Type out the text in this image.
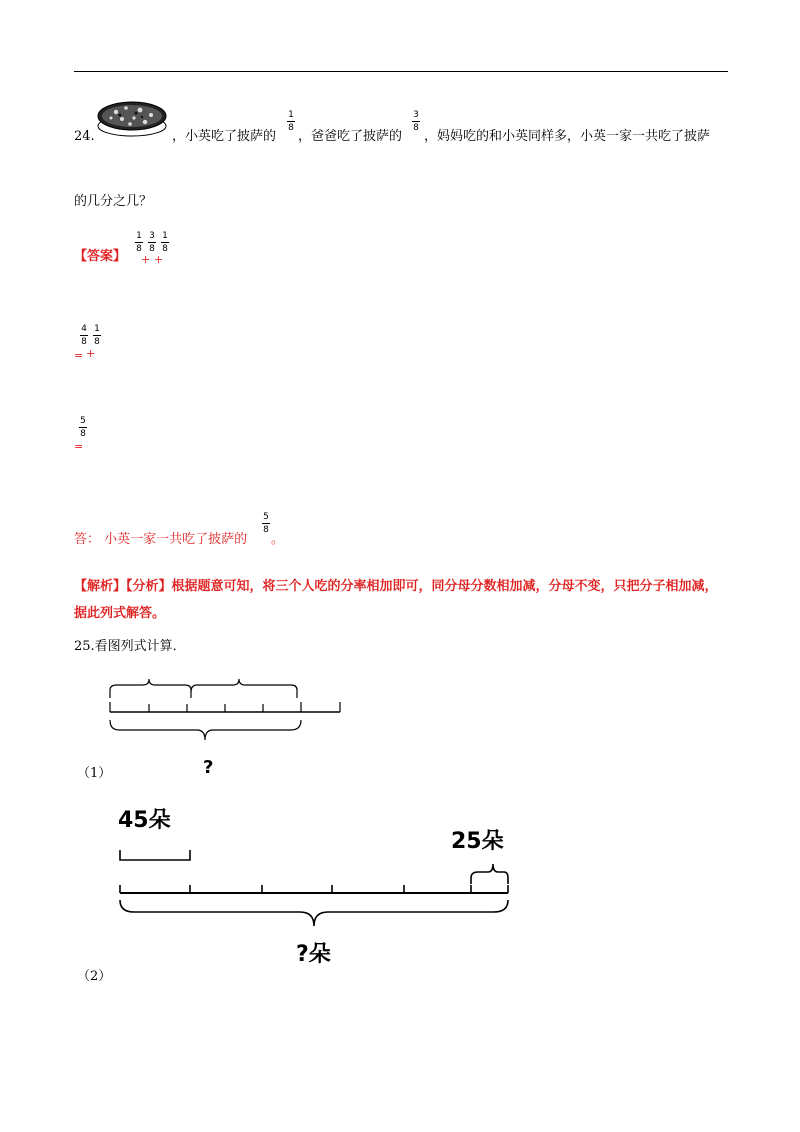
24.	，小英吃了披萨的
1
8
，爸爸吃了披萨的
3
8
，妈妈吃的和小英同样多，小英一家一共吃了披萨
的几分之几？
【答案】
1
8
3
8
1
8
+ +
=
4
8
+
1
8
=
5
8
答： 小英一家一共吃了披萨的
5
8
。
【解析】【分析】根据题意可知，将三个人吃的分率相加即可，同分母分数相加减，分母不变，只把分子相加减，
据此列式解答。
25.看图列式计算．
?
（1）
45朵
25朵
?朵
（2）
